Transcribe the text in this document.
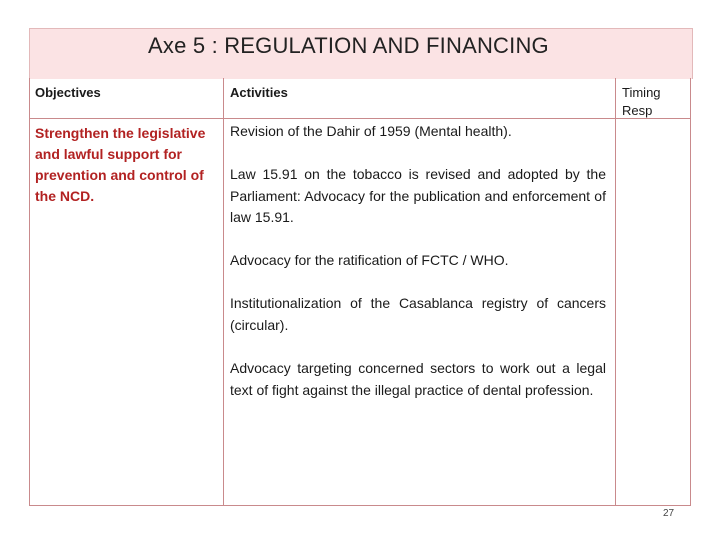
Axe 5 : REGULATION AND FINANCING
Objectives	Activities	Timing
Resp
Strengthen the legislative and lawful support for prevention and control of the NCD.
Revision of the Dahir of 1959 (Mental health).
Law 15.91 on the tobacco is revised and adopted by the Parliament: Advocacy for the publication and enforcement of law 15.91.
Advocacy for the ratification of FCTC / WHO.
Institutionalization of the Casablanca registry of cancers (circular).
Advocacy targeting concerned sectors to work out a legal text of fight against the illegal practice of dental profession.
27
